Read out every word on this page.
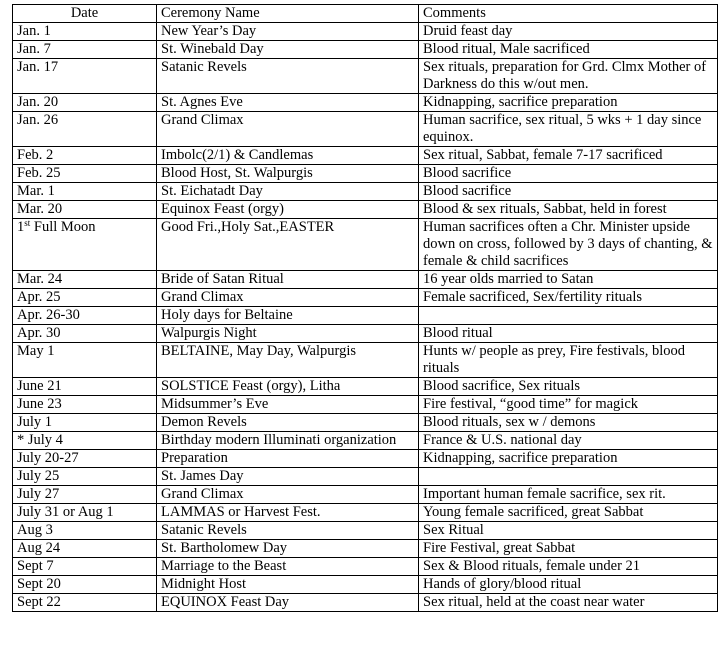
Date	Ceremony Name	Comments
Jan. 1	New Year’s Day	Druid feast day
Jan. 7	St. Winebald Day	Blood ritual, Male sacrificed
Jan. 17	Satanic Revels	Sex rituals, preparation for Grd. Clmx Mother of Darkness do this w/out men.
Jan. 20	St. Agnes Eve	Kidnapping, sacrifice preparation
Jan. 26	Grand Climax	Human sacrifice, sex ritual, 5 wks + 1 day since equinox.
Feb. 2	Imbolc(2/1) & Candlemas	Sex ritual, Sabbat, female 7-17 sacrificed
Feb. 25	Blood Host, St. Walpurgis	Blood sacrifice
Mar. 1	St. Eichatadt Day	Blood sacrifice
Mar. 20	Equinox Feast (orgy)	Blood & sex rituals, Sabbat, held in forest
1st Full Moon	Good Fri.,Holy Sat.,EASTER	Human sacrifices often a Chr. Minister upside down on cross, followed by 3 days of chanting, & female & child sacrifices
Mar. 24	Bride of Satan Ritual	16 year olds married to Satan
Apr. 25	Grand Climax	Female sacrificed, Sex/fertility rituals
Apr. 26-30	Holy days for Beltaine	
Apr. 30	Walpurgis Night	Blood ritual
May 1	BELTAINE, May Day, Walpurgis	Hunts w/ people as prey, Fire festivals, blood rituals
June 21	SOLSTICE Feast (orgy), Litha	Blood sacrifice, Sex rituals
June 23	Midsummer’s Eve	Fire festival, “good time” for magick
July 1	Demon Revels	Blood rituals, sex w / demons
* July 4	Birthday modern Illuminati organization	France & U.S. national day
July 20-27	Preparation	Kidnapping, sacrifice preparation
July 25	St. James Day	
July 27	Grand Climax	Important human female sacrifice, sex rit.
July 31 or Aug 1	LAMMAS or Harvest Fest.	Young female sacrificed, great Sabbat
Aug 3	Satanic Revels	Sex Ritual
Aug 24	St. Bartholomew Day	Fire Festival, great Sabbat
Sept 7	Marriage to the Beast	Sex & Blood rituals, female under 21
Sept 20	Midnight Host	Hands of glory/blood ritual
Sept 22	EQUINOX Feast Day	Sex ritual, held at the coast near water
